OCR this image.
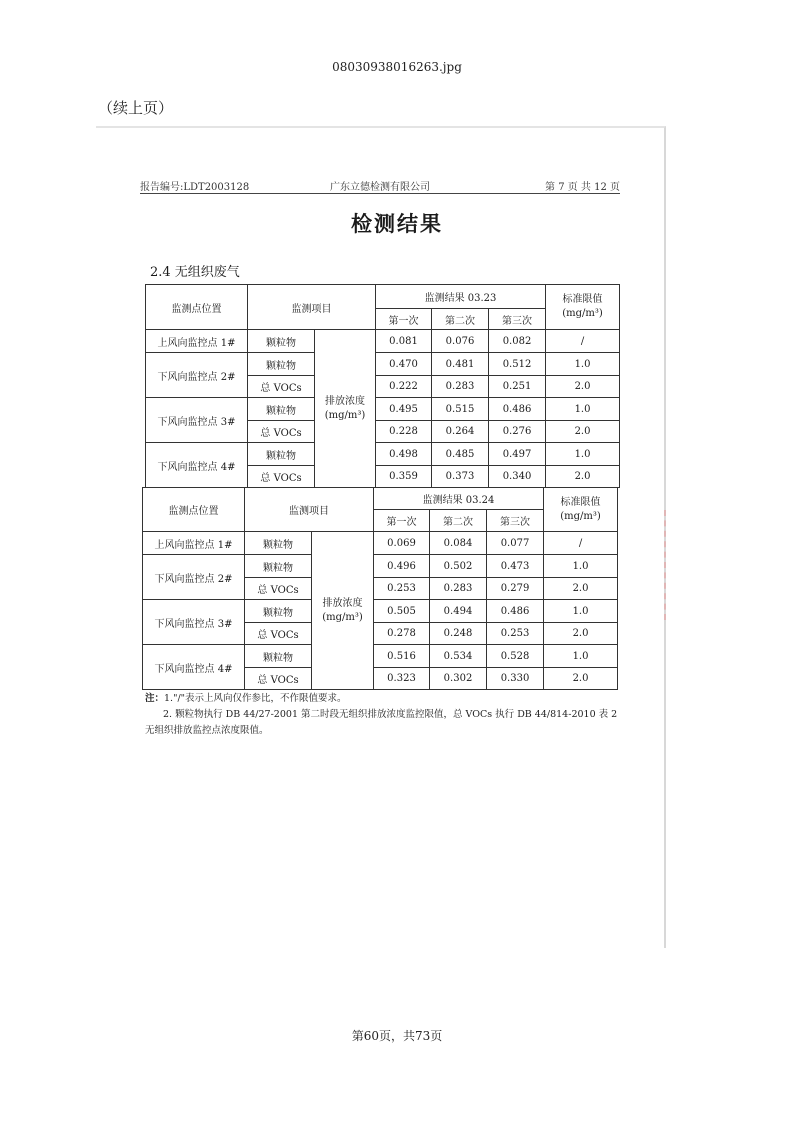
08030938016263.jpg
（续上页）
报告编号:LDT2003128	广东立德检测有限公司	第 7 页 共 12 页
检测结果
2.4 无组织废气
监测点位置	监测项目		监测结果 03.23			标准限值 (mg/m³)
			第一次	第二次	第三次	
上风向监控点 1#	颗粒物	排放浓度 (mg/m³)	0.081	0.076	0.082	/
下风向监控点 2#	颗粒物		0.470	0.481	0.512	1.0
	总 VOCs		0.222	0.283	0.251	2.0
下风向监控点 3#	颗粒物		0.495	0.515	0.486	1.0
	总 VOCs		0.228	0.264	0.276	2.0
下风向监控点 4#	颗粒物		0.498	0.485	0.497	1.0
	总 VOCs		0.359	0.373	0.340	2.0
监测点位置	监测项目		监测结果 03.24			标准限值 (mg/m³)
			第一次	第二次	第三次	
上风向监控点 1#	颗粒物	排放浓度 (mg/m³)	0.069	0.084	0.077	/
下风向监控点 2#	颗粒物		0.496	0.502	0.473	1.0
	总 VOCs		0.253	0.283	0.279	2.0
下风向监控点 3#	颗粒物		0.505	0.494	0.486	1.0
	总 VOCs		0.278	0.248	0.253	2.0
下风向监控点 4#	颗粒物		0.516	0.534	0.528	1.0
	总 VOCs		0.323	0.302	0.330	2.0
注：1."/"表示上风向仅作参比，不作限值要求。
2. 颗粒物执行 DB 44/27-2001 第二时段无组织排放浓度监控限值，总 VOCs 执行 DB 44/814-2010 表 2
无组织排放监控点浓度限值。
第60页，共73页
